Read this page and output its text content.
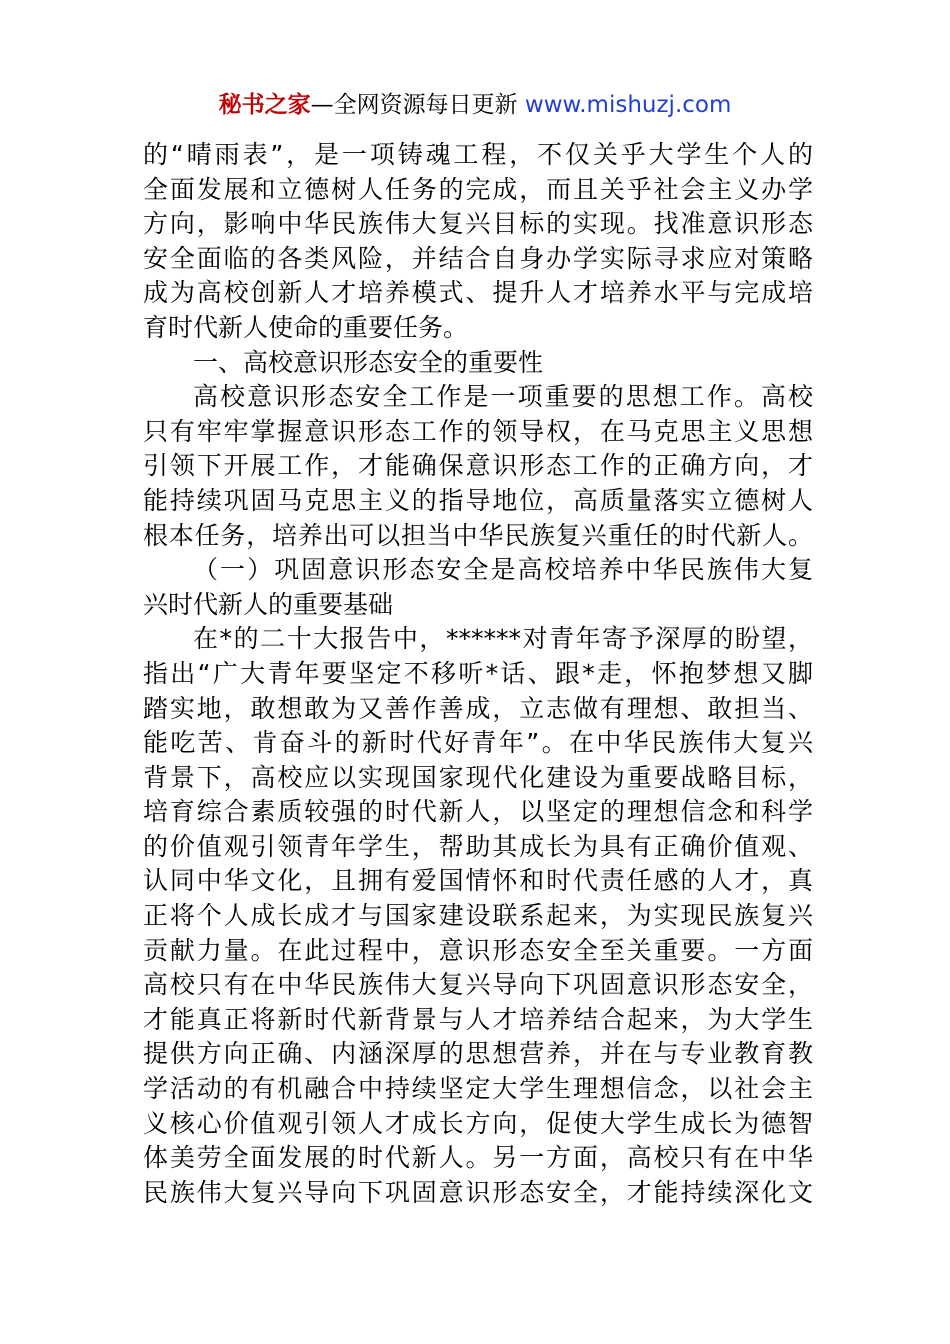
秘书之家—全网资源每日更新 www.mishuzj.com
的“晴雨表”，是一项铸魂工程，不仅关乎大学生个人的
全面发展和立德树人任务的完成，而且关乎社会主义办学
方向，影响中华民族伟大复兴目标的实现。找准意识形态
安全面临的各类风险，并结合自身办学实际寻求应对策略
成为高校创新人才培养模式、提升人才培养水平与完成培
育时代新人使命的重要任务。
一、高校意识形态安全的重要性
高校意识形态安全工作是一项重要的思想工作。高校
只有牢牢掌握意识形态工作的领导权，在马克思主义思想
引领下开展工作，才能确保意识形态工作的正确方向，才
能持续巩固马克思主义的指导地位，高质量落实立德树人
根本任务，培养出可以担当中华民族复兴重任的时代新人。
（一）巩固意识形态安全是高校培养中华民族伟大复
兴时代新人的重要基础
在*的二十大报告中，******对青年寄予深厚的盼望，
指出“广大青年要坚定不移听*话、跟*走，怀抱梦想又脚
踏实地，敢想敢为又善作善成，立志做有理想、敢担当、
能吃苦、肯奋斗的新时代好青年”。在中华民族伟大复兴
背景下，高校应以实现国家现代化建设为重要战略目标，
培育综合素质较强的时代新人，以坚定的理想信念和科学
的价值观引领青年学生，帮助其成长为具有正确价值观、
认同中华文化，且拥有爱国情怀和时代责任感的人才，真
正将个人成长成才与国家建设联系起来，为实现民族复兴
贡献力量。在此过程中，意识形态安全至关重要。一方面
高校只有在中华民族伟大复兴导向下巩固意识形态安全，
才能真正将新时代新背景与人才培养结合起来，为大学生
提供方向正确、内涵深厚的思想营养，并在与专业教育教
学活动的有机融合中持续坚定大学生理想信念，以社会主
义核心价值观引领人才成长方向，促使大学生成长为德智
体美劳全面发展的时代新人。另一方面，高校只有在中华
民族伟大复兴导向下巩固意识形态安全，才能持续深化文
